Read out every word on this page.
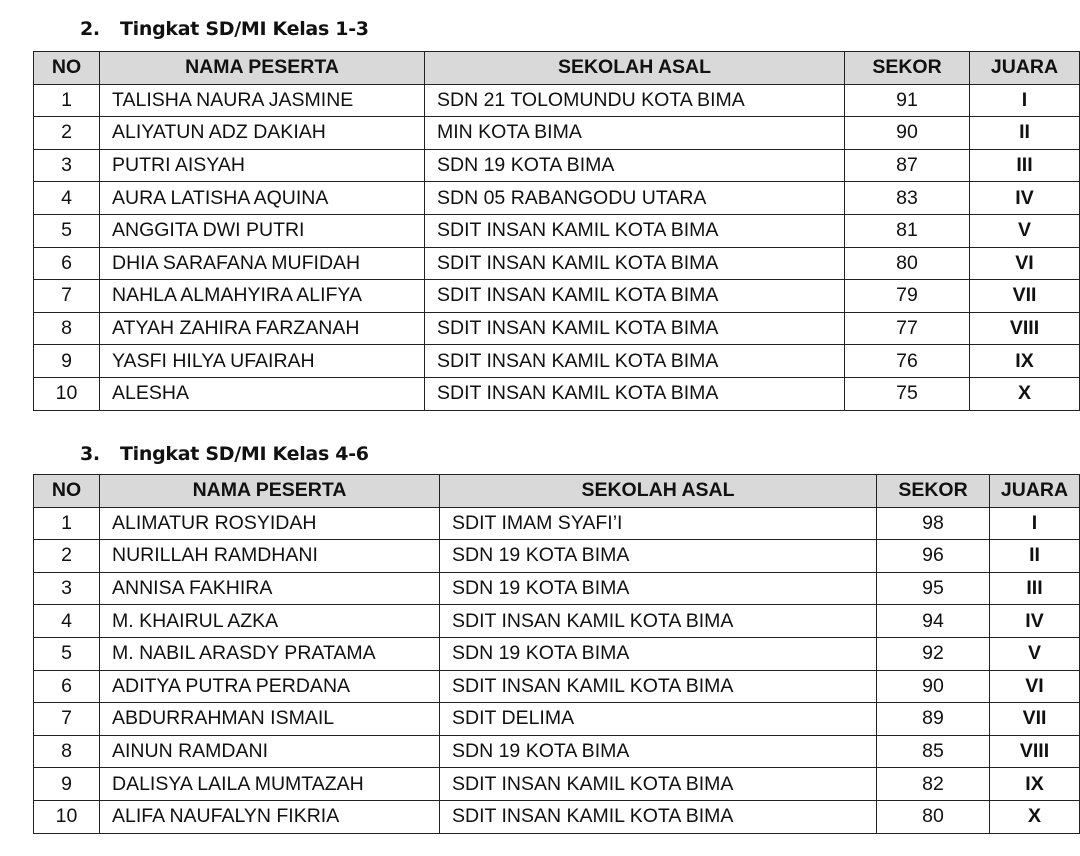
2. Tingkat SD/MI Kelas 1-3
NO	NAMA PESERTA	SEKOLAH ASAL	SEKOR	JUARA
1	TALISHA NAURA JASMINE	SDN 21 TOLOMUNDU KOTA BIMA	91	I
2	ALIYATUN ADZ DAKIAH	MIN KOTA BIMA	90	II
3	PUTRI AISYAH	SDN 19 KOTA BIMA	87	III
4	AURA LATISHA AQUINA	SDN 05 RABANGODU UTARA	83	IV
5	ANGGITA DWI PUTRI	SDIT INSAN KAMIL KOTA BIMA	81	V
6	DHIA SARAFANA MUFIDAH	SDIT INSAN KAMIL KOTA BIMA	80	VI
7	NAHLA ALMAHYIRA ALIFYA	SDIT INSAN KAMIL KOTA BIMA	79	VII
8	ATYAH ZAHIRA FARZANAH	SDIT INSAN KAMIL KOTA BIMA	77	VIII
9	YASFI HILYA UFAIRAH	SDIT INSAN KAMIL KOTA BIMA	76	IX
10	ALESHA	SDIT INSAN KAMIL KOTA BIMA	75	X
3. Tingkat SD/MI Kelas 4-6
NO	NAMA PESERTA	SEKOLAH ASAL	SEKOR	JUARA
1	ALIMATUR ROSYIDAH	SDIT IMAM SYAFI’I	98	I
2	NURILLAH RAMDHANI	SDN 19 KOTA BIMA	96	II
3	ANNISA FAKHIRA	SDN 19 KOTA BIMA	95	III
4	M. KHAIRUL AZKA	SDIT INSAN KAMIL KOTA BIMA	94	IV
5	M. NABIL ARASDY PRATAMA	SDN 19 KOTA BIMA	92	V
6	ADITYA PUTRA PERDANA	SDIT INSAN KAMIL KOTA BIMA	90	VI
7	ABDURRAHMAN ISMAIL	SDIT DELIMA	89	VII
8	AINUN RAMDANI	SDN 19 KOTA BIMA	85	VIII
9	DALISYA LAILA MUMTAZAH	SDIT INSAN KAMIL KOTA BIMA	82	IX
10	ALIFA NAUFALYN FIKRIA	SDIT INSAN KAMIL KOTA BIMA	80	X
